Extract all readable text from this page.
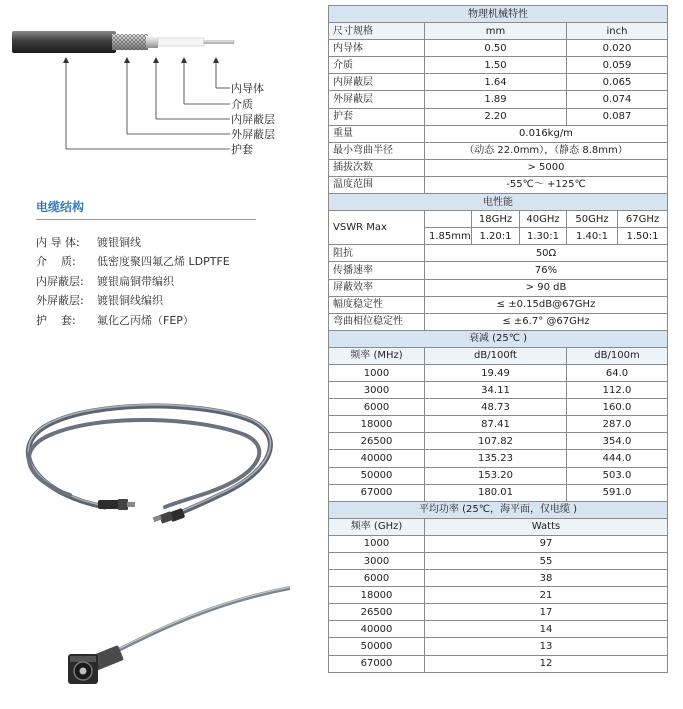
内导体
介质
内屏蔽层
外屏蔽层
护套
电缆结构
内 导 体:	镀银铜线
介    质:	低密度聚四氟乙烯 LDPTFE
内屏蔽层:	镀银扁铜带编织
外屏蔽层:	镀银铜线编织
护    套:	氟化乙丙烯（FEP）
物理机械特性					
尺寸规格	mm			inch	
内导体	0.50			0.020	
介质	1.50			0.059	
内屏蔽层	1.64			0.065	
外屏蔽层	1.89			0.074	
护套	2.20			0.087	
重量	0.016kg/m				
最小弯曲半径	（动态 22.0mm），（静态 8.8mm）				
插拔次数	> 5000				
温度范围	-55℃～ +125℃				
电性能					
VSWR Max		18GHz	40GHz	50GHz	67GHz
	1.85mm	1.20:1	1.30:1	1.40:1	1.50:1
阻抗	50Ω				
传播速率	76%				
屏蔽效率	> 90 dB				
幅度稳定性	≤ ±0.15dB@67GHz				
弯曲相位稳定性	≤ ±6.7° @67GHz				
衰减 (25℃ )					
频率 (MHz)	dB/100ft			dB/100m	
1000	19.49			64.0	
3000	34.11			112.0	
6000	48.73			160.0	
18000	87.41			287.0	
26500	107.82			354.0	
40000	135.23			444.0	
50000	153.20			503.0	
67000	180.01			591.0	
平均功率 (25℃，海平面，仅电缆 )					
频率 (GHz)	Watts				
1000	97				
3000	55				
6000	38				
18000	21				
26500	17				
40000	14				
50000	13				
67000	12				
